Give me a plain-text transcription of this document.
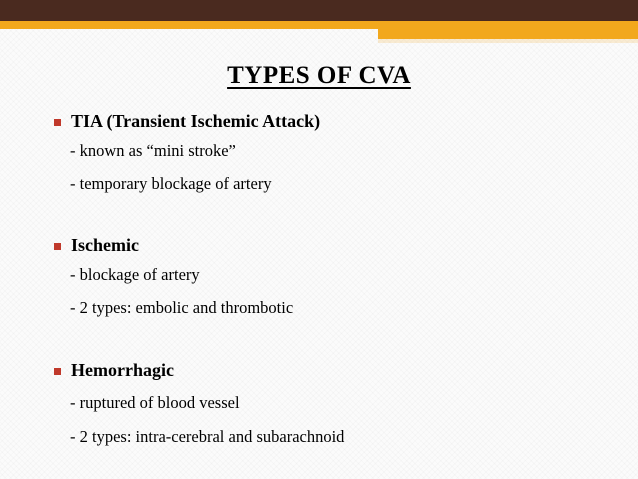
TYPES OF CVA
TIA (Transient Ischemic Attack)
- known as “mini stroke”
- temporary blockage of artery
Ischemic
- blockage of artery
- 2 types: embolic and thrombotic
Hemorrhagic
- ruptured of blood vessel
- 2 types: intra-cerebral and subarachnoid
